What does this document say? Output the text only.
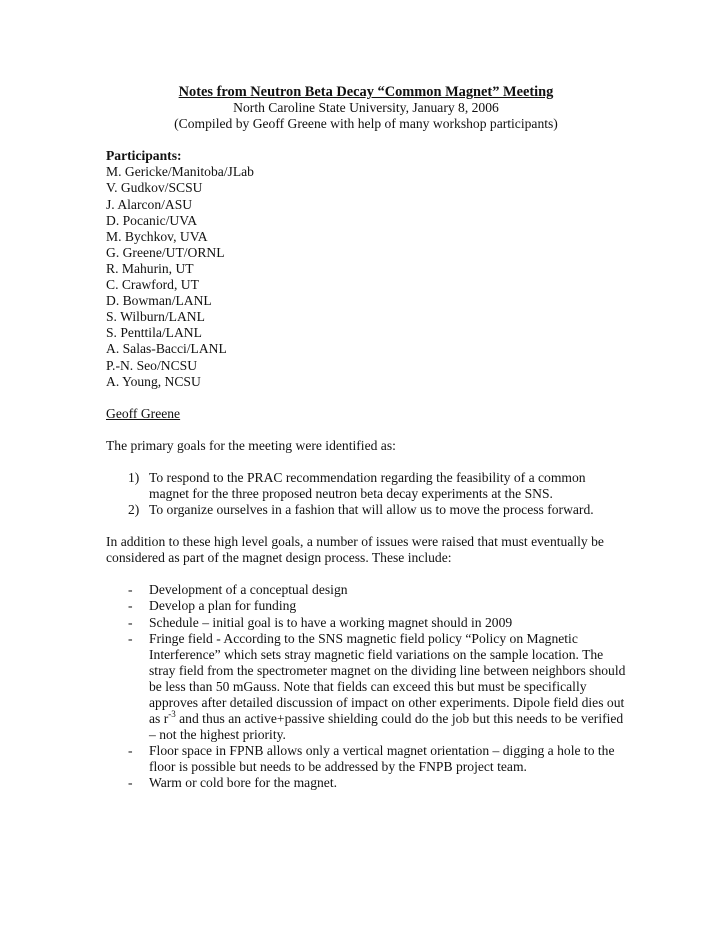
Notes from Neutron Beta Decay “Common Magnet” Meeting
North Caroline State University, January 8, 2006
(Compiled by Geoff Greene with help of many workshop participants)
Participants:
M. Gericke/Manitoba/JLab
V. Gudkov/SCSU
J. Alarcon/ASU
D. Pocanic/UVA
M. Bychkov, UVA
G. Greene/UT/ORNL
R. Mahurin, UT
C. Crawford, UT
D. Bowman/LANL
S. Wilburn/LANL
S. Penttila/LANL
A. Salas-Bacci/LANL
P.-N. Seo/NCSU
A. Young, NCSU
Geoff Greene
The primary goals for the meeting were identified as:
1) To respond to the PRAC recommendation regarding the feasibility of a common magnet for the three proposed neutron beta decay experiments at the SNS.
2) To organize ourselves in a fashion that will allow us to move the process forward.
In addition to these high level goals, a number of issues were raised that must eventually be considered as part of the magnet design process. These include:
- Development of a conceptual design
- Develop a plan for funding
- Schedule – initial goal is to have a working magnet should in 2009
- Fringe field - According to the SNS magnetic field policy “Policy on Magnetic Interference” which sets stray magnetic field variations on the sample location. The stray field from the spectrometer magnet on the dividing line between neighbors should be less than 50 mGauss. Note that fields can exceed this but must be specifically approves after detailed discussion of impact on other experiments. Dipole field dies out as $r^{-3}$ and thus an active+passive shielding could do the job but this needs to be verified – not the highest priority.
- Floor space in FPNB allows only a vertical magnet orientation – digging a hole to the floor is possible but needs to be addressed by the FNPB project team.
- Warm or cold bore for the magnet.
